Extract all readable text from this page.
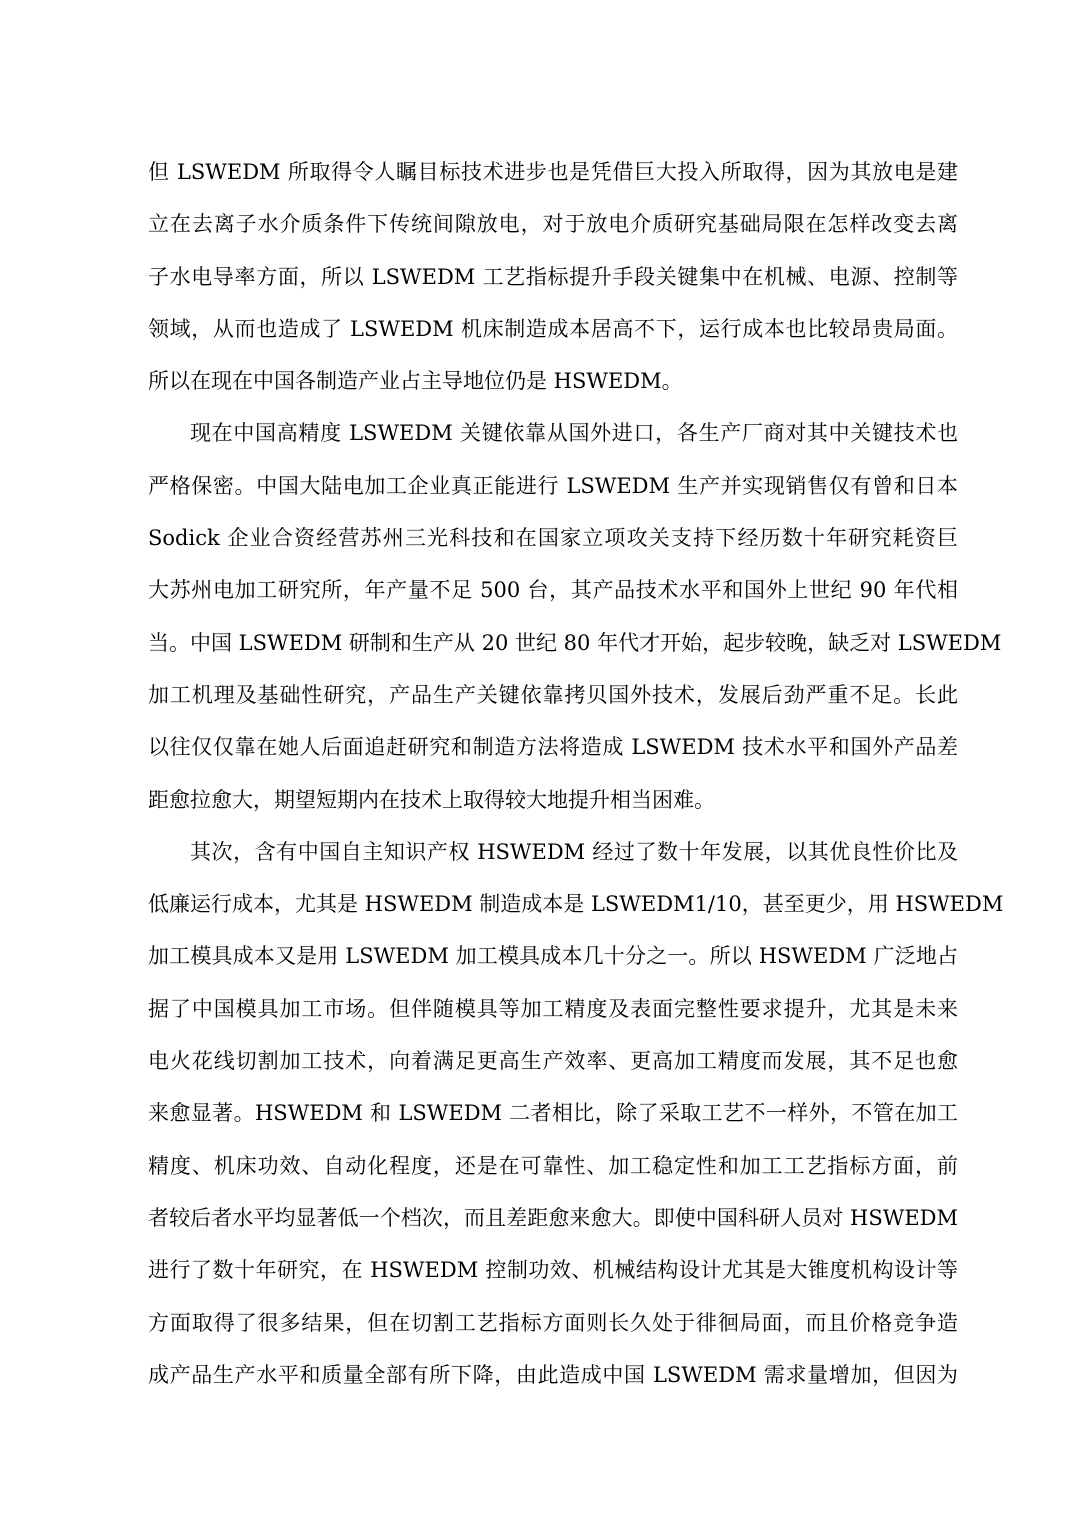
但 LSWEDM 所取得令人瞩目标技术进步也是凭借巨大投入所取得，因为其放电是建
立在去离子水介质条件下传统间隙放电，对于放电介质研究基础局限在怎样改变去离
子水电导率方面，所以 LSWEDM 工艺指标提升手段关键集中在机械、电源、控制等
领域，从而也造成了 LSWEDM 机床制造成本居高不下，运行成本也比较昂贵局面。
所以在现在中国各制造产业占主导地位仍是 HSWEDM。
现在中国高精度 LSWEDM 关键依靠从国外进口，各生产厂商对其中关键技术也
严格保密。中国大陆电加工企业真正能进行 LSWEDM 生产并实现销售仅有曾和日本
Sodick 企业合资经营苏州三光科技和在国家立项攻关支持下经历数十年研究耗资巨
大苏州电加工研究所，年产量不足 500 台，其产品技术水平和国外上世纪 90 年代相
当。中国 LSWEDM 研制和生产从 20 世纪 80 年代才开始，起步较晚，缺乏对 LSWEDM
加工机理及基础性研究，产品生产关键依靠拷贝国外技术，发展后劲严重不足。长此
以往仅仅靠在她人后面追赶研究和制造方法将造成 LSWEDM 技术水平和国外产品差
距愈拉愈大，期望短期内在技术上取得较大地提升相当困难。
其次，含有中国自主知识产权 HSWEDM 经过了数十年发展，以其优良性价比及
低廉运行成本，尤其是 HSWEDM 制造成本是 LSWEDM1/10，甚至更少，用 HSWEDM
加工模具成本又是用 LSWEDM 加工模具成本几十分之一。所以 HSWEDM 广泛地占
据了中国模具加工市场。但伴随模具等加工精度及表面完整性要求提升，尤其是未来
电火花线切割加工技术，向着满足更高生产效率、更高加工精度而发展，其不足也愈
来愈显著。HSWEDM 和 LSWEDM 二者相比，除了采取工艺不一样外，不管在加工
精度、机床功效、自动化程度，还是在可靠性、加工稳定性和加工工艺指标方面，前
者较后者水平均显著低一个档次，而且差距愈来愈大。即使中国科研人员对 HSWEDM
进行了数十年研究，在 HSWEDM 控制功效、机械结构设计尤其是大锥度机构设计等
方面取得了很多结果，但在切割工艺指标方面则长久处于徘徊局面，而且价格竞争造
成产品生产水平和质量全部有所下降，由此造成中国 LSWEDM 需求量增加，但因为
